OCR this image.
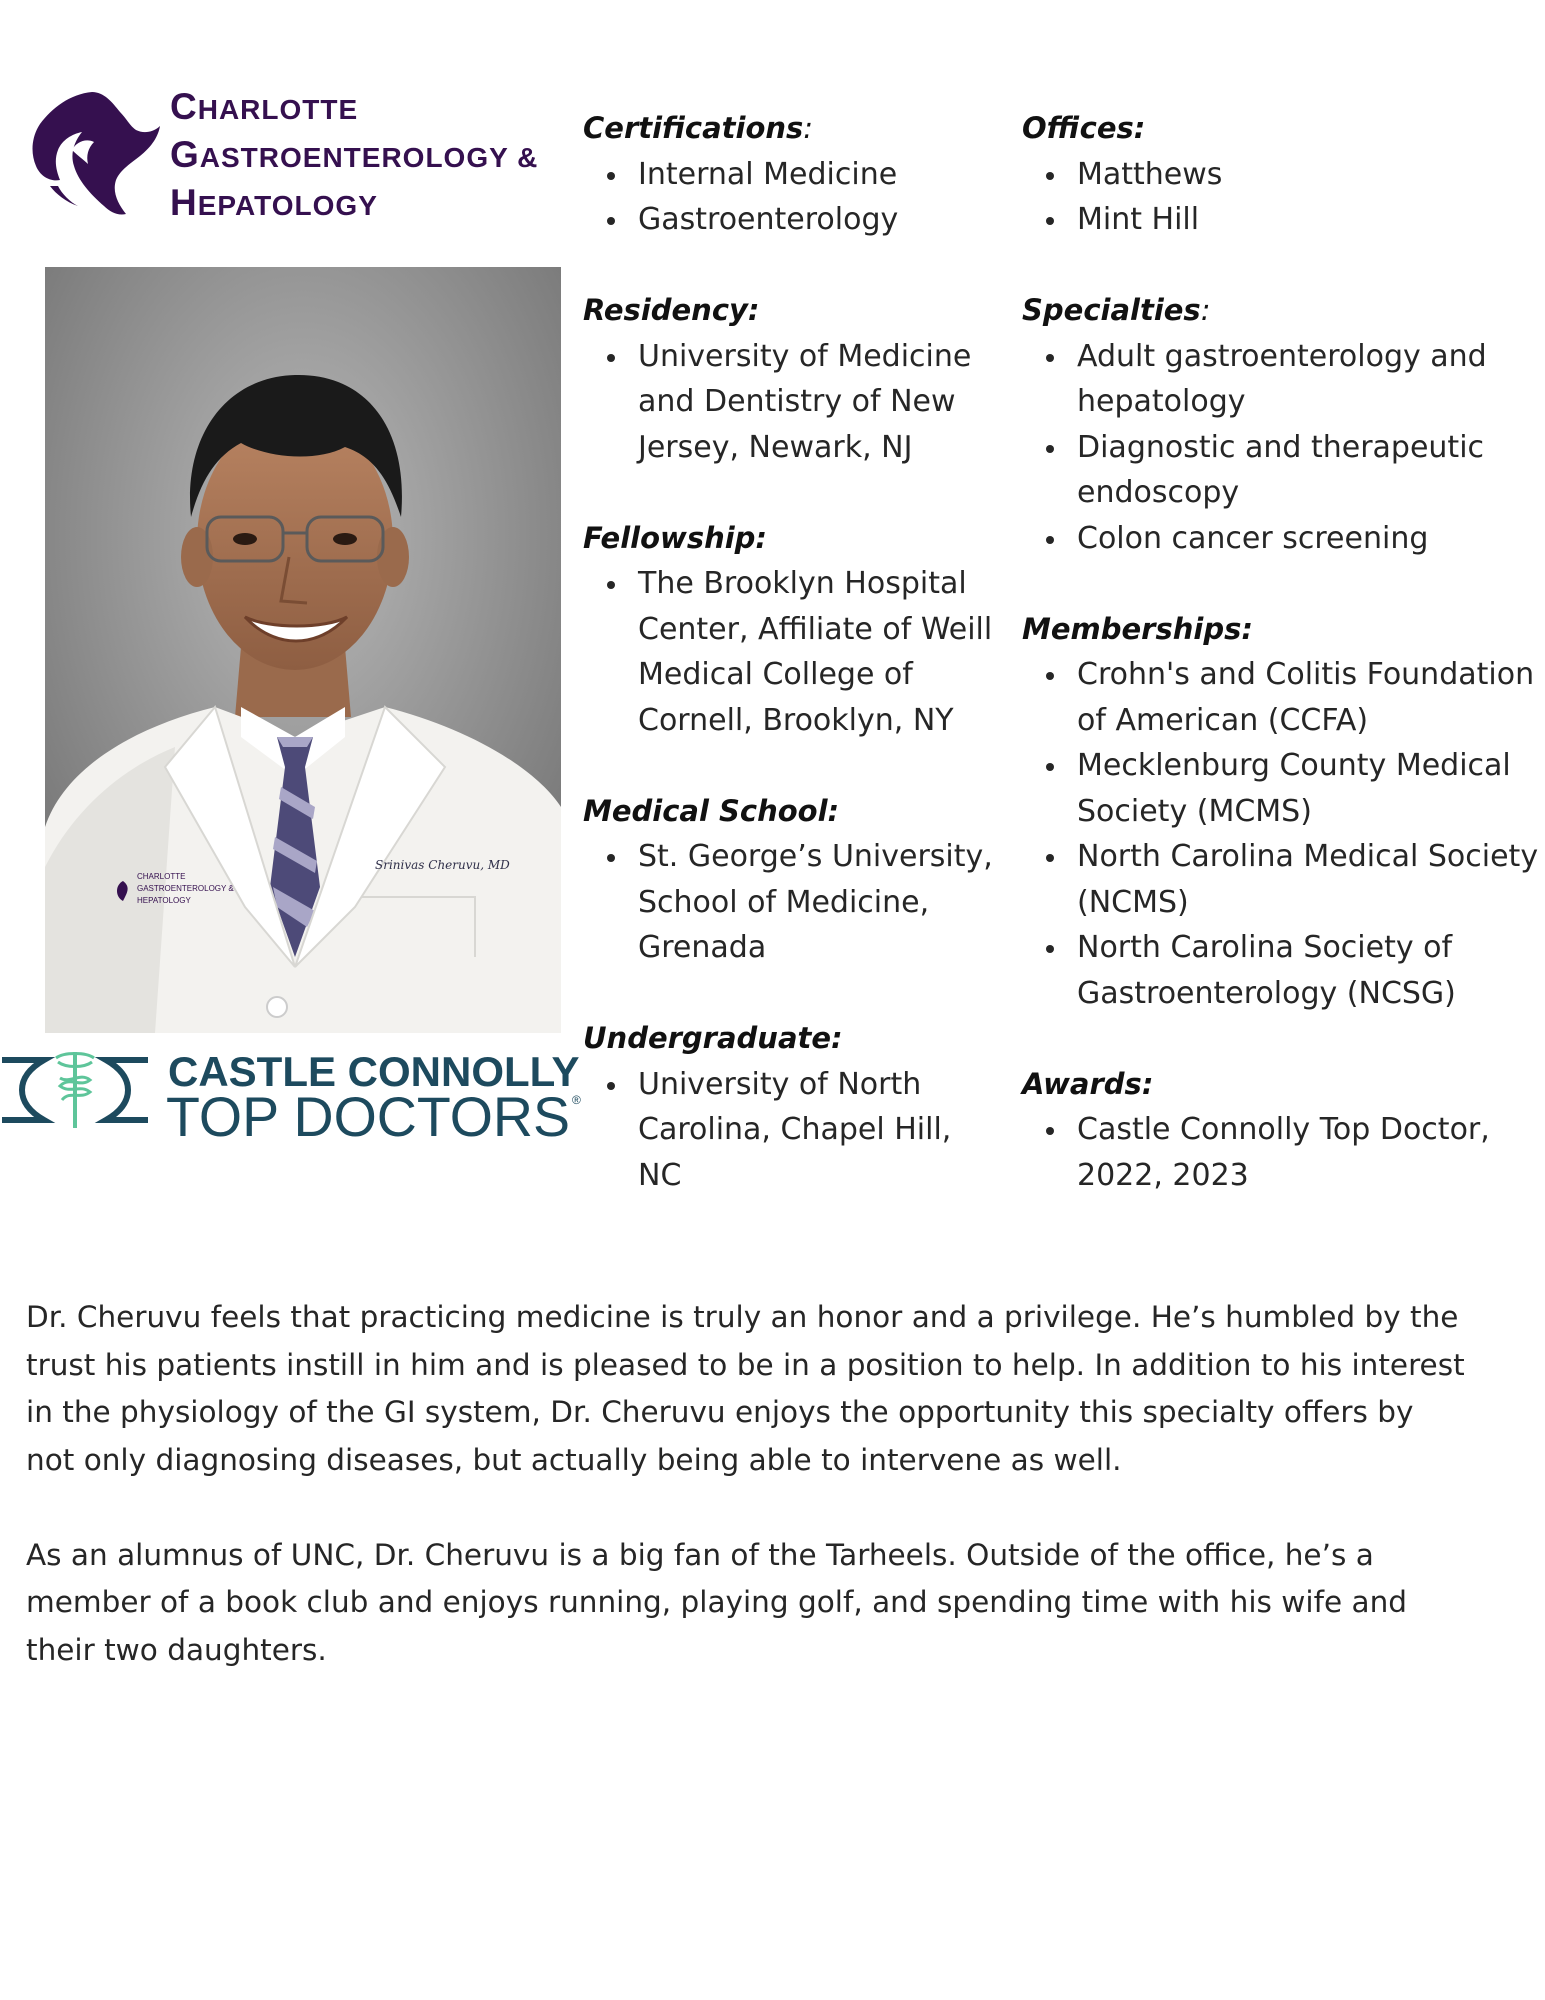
CHARLOTTE
GASTROENTEROLOGY &
HEPATOLOGY
CHARLOTTE
GASTROENTEROLOGY &
HEPATOLOGY
Srinivas Cheruvu, MD
CASTLE CONNOLLY
TOP DOCTORS ®
Certifications:
Internal Medicine
Gastroenterology
Residency:
University of Medicine and Dentistry of New Jersey, Newark, NJ
Fellowship:
The Brooklyn Hospital Center, Affiliate of Weill Medical College of Cornell, Brooklyn, NY
Medical School:
St. George’s University, School of Medicine, Grenada
Undergraduate:
University of North Carolina, Chapel Hill, NC
Offices:
Matthews
Mint Hill
Specialties:
Adult gastroenterology and hepatology
Diagnostic and therapeutic endoscopy
Colon cancer screening
Memberships:
Crohn's and Colitis Foundation of American (CCFA)
Mecklenburg County Medical Society (MCMS)
North Carolina Medical Society (NCMS)
North Carolina Society of Gastroenterology (NCSG)
Awards:
Castle Connolly Top Doctor, 2022, 2023

Dr. Cheruvu feels that practicing medicine is truly an honor and a privilege. He’s humbled by the trust his patients instill in him and is pleased to be in a position to help. In addition to his interest in the physiology of the GI system, Dr. Cheruvu enjoys the opportunity this specialty offers by not only diagnosing diseases, but actually being able to intervene as well.

As an alumnus of UNC, Dr. Cheruvu is a big fan of the Tarheels. Outside of the office, he’s a member of a book club and enjoys running, playing golf, and spending time with his wife and their two daughters.
